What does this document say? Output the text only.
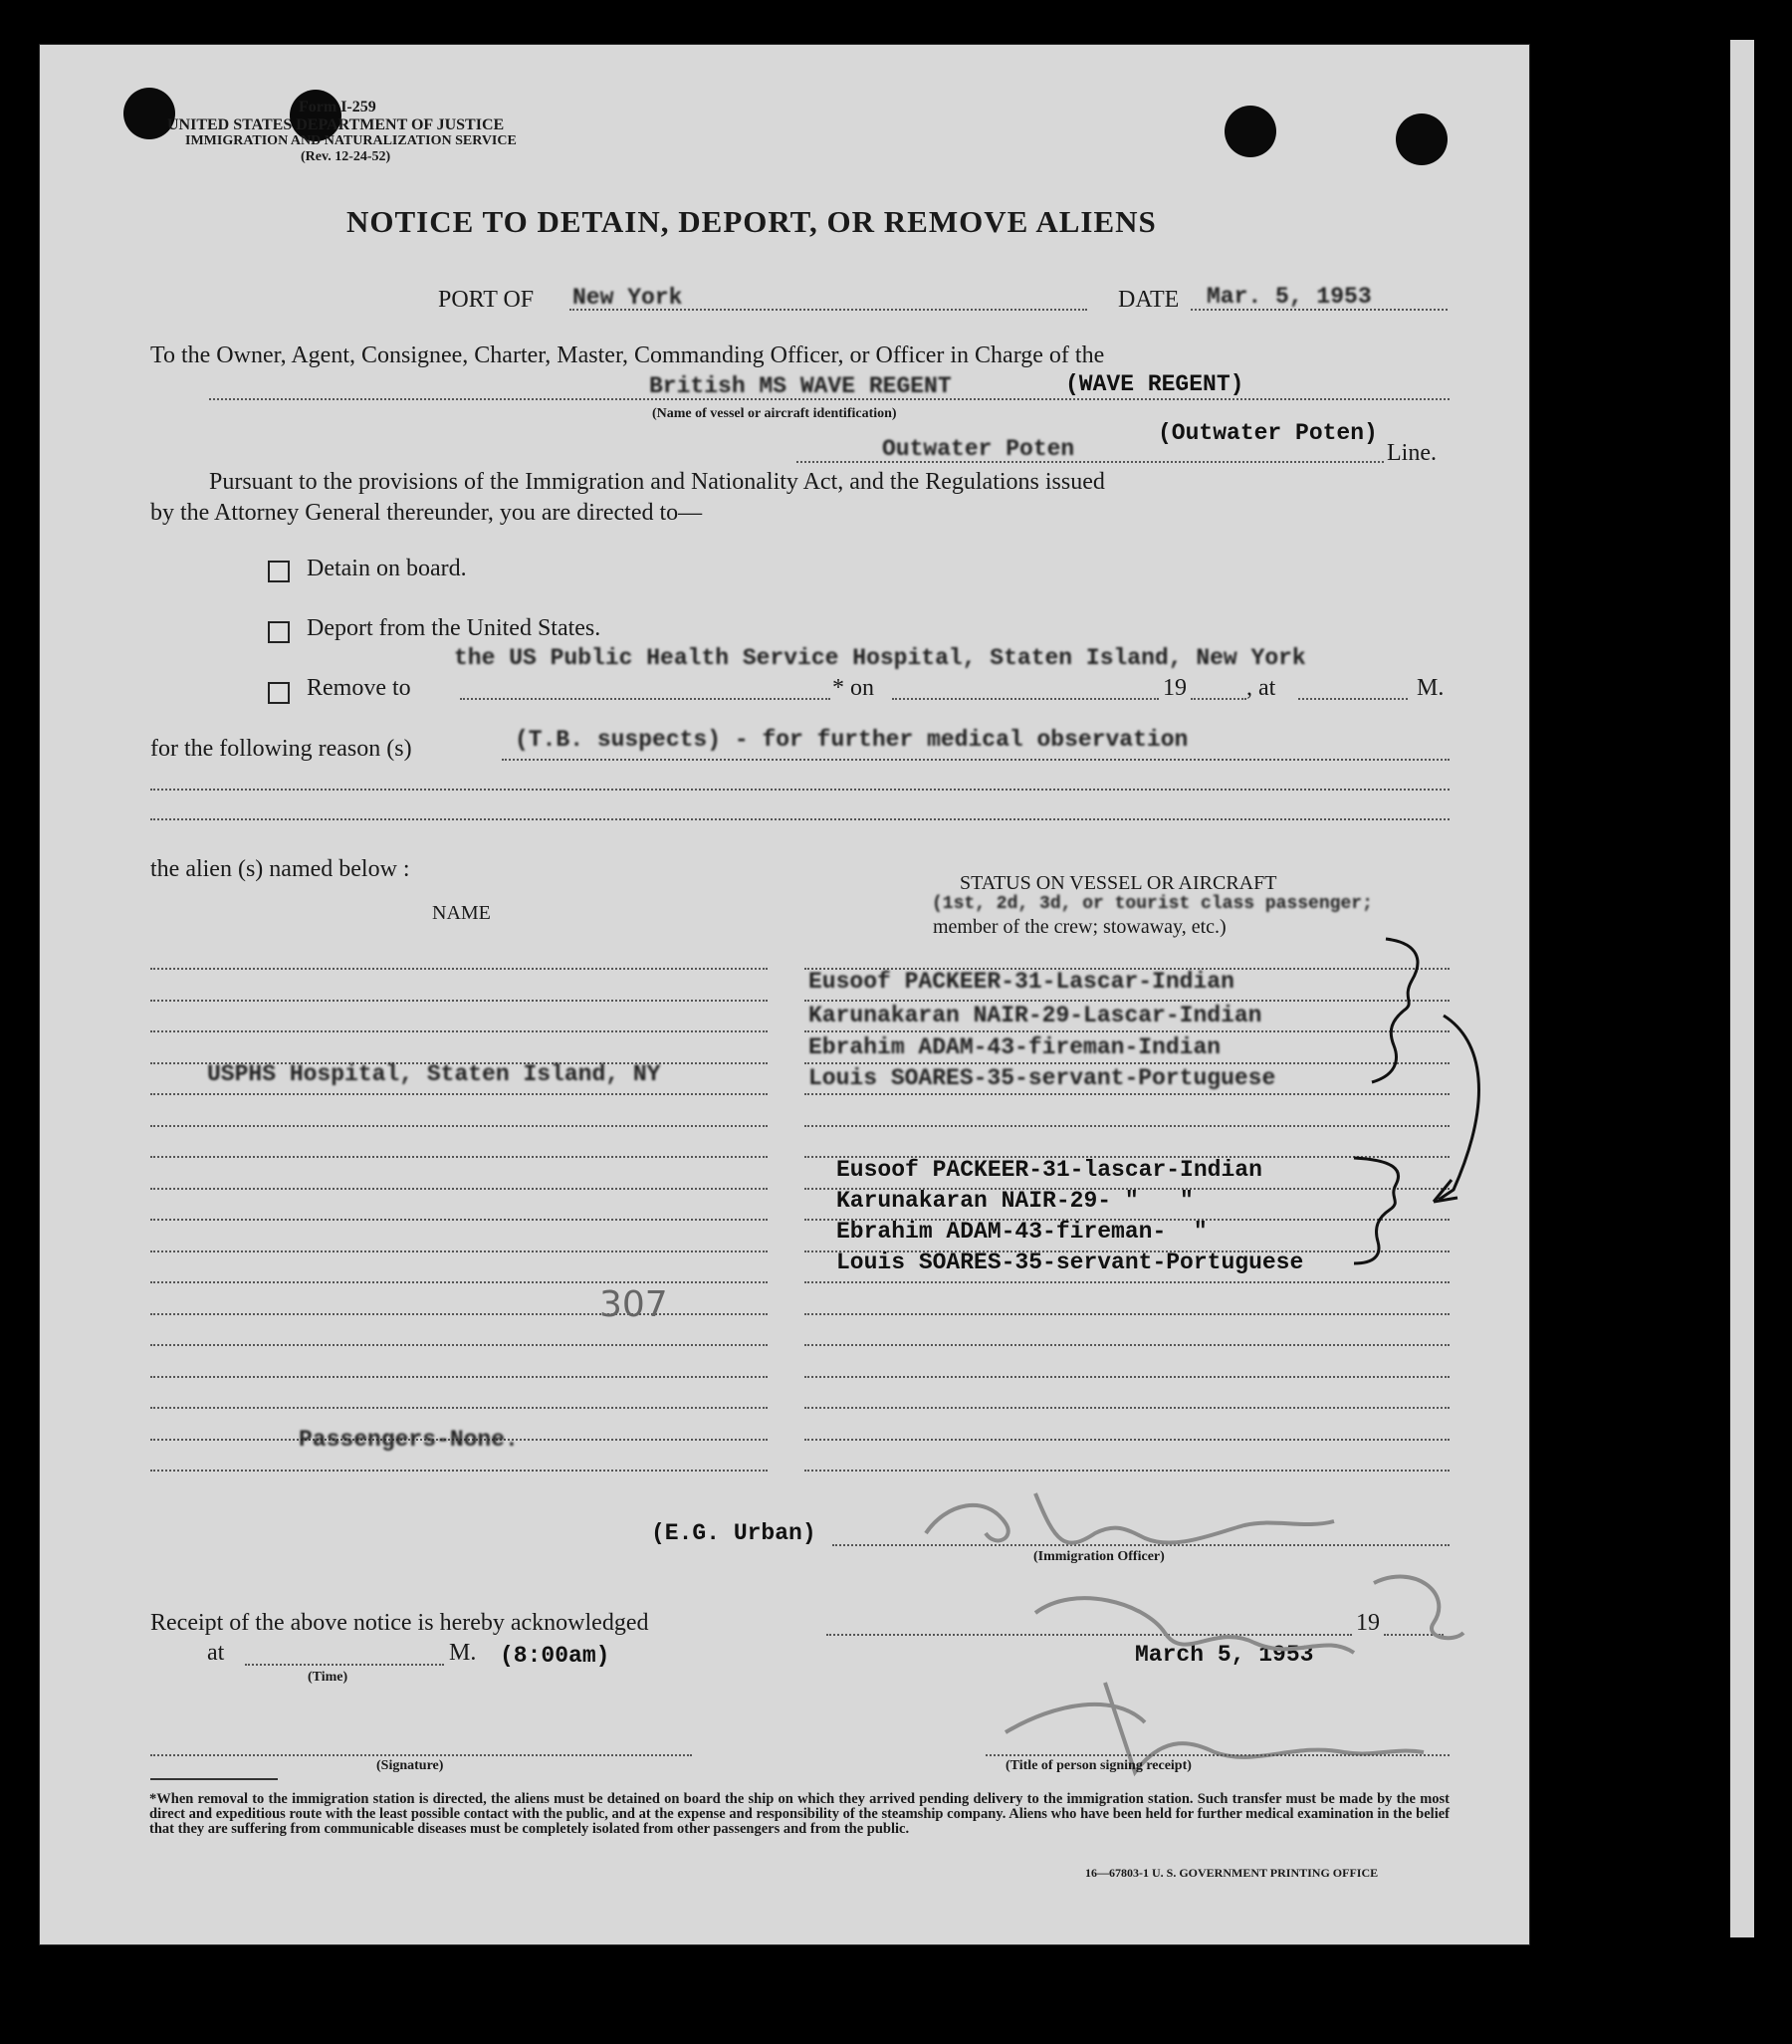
Form I-259
UNITED STATES DEPARTMENT OF JUSTICE
IMMIGRATION AND NATURALIZATION SERVICE
(Rev. 12-24-52)
NOTICE TO DETAIN, DEPORT, OR REMOVE ALIENS
PORT OF New York	DATE Mar. 5, 1953
To the Owner, Agent, Consignee, Charter, Master, Commanding Officer, or Officer in Charge of the
British MS WAVE REGENT	(WAVE REGENT)
(Name of vessel or aircraft identification)
Outwater Poten
(Outwater Poten)
Line.
Pursuant to the provisions of the Immigration and Nationality Act, and the Regulations issued
by the Attorney General thereunder, you are directed to—
Detain on board.
Deport from the United States.
the US Public Health Service Hospital, Staten Island, New York
Remove to	* on	19	, at	M.
for the following reason (s)	(T.B. suspects) - for further medical observation
the alien (s) named below :
NAME
STATUS ON VESSEL OR AIRCRAFT
(1st, 2d, 3d, or tourist class passenger;
member of the crew; stowaway, etc.)
USPHS Hospital, Staten Island, NY
307
Passengers-None.
Eusoof PACKEER-31-Lascar-Indian
Karunakaran NAIR-29-Lascar-Indian
Ebrahim ADAM-43-fireman-Indian
Louis SOARES-35-servant-Portuguese
Eusoof PACKEER-31-lascar-Indian
Karunakaran NAIR-29- "   "
Ebrahim ADAM-43-fireman-  "
Louis SOARES-35-servant-Portuguese
(E.G. Urban)
(Immigration Officer)
Receipt of the above notice is hereby acknowledged	19
at	M. (8:00am)
(Time)
March 5, 1953
(Signature)	(Title of person signing receipt)
*When removal to the immigration station is directed, the aliens must be detained on board the ship on which they arrived pending delivery to the immigration station. Such transfer must be made by the most direct and expeditious route with the least possible contact with the public, and at the expense and responsibility of the steamship company. Aliens who have been held for further medical examination in the belief that they are suffering from communicable diseases must be completely isolated from other passengers and from the public.
16—67803-1 U. S. GOVERNMENT PRINTING OFFICE
